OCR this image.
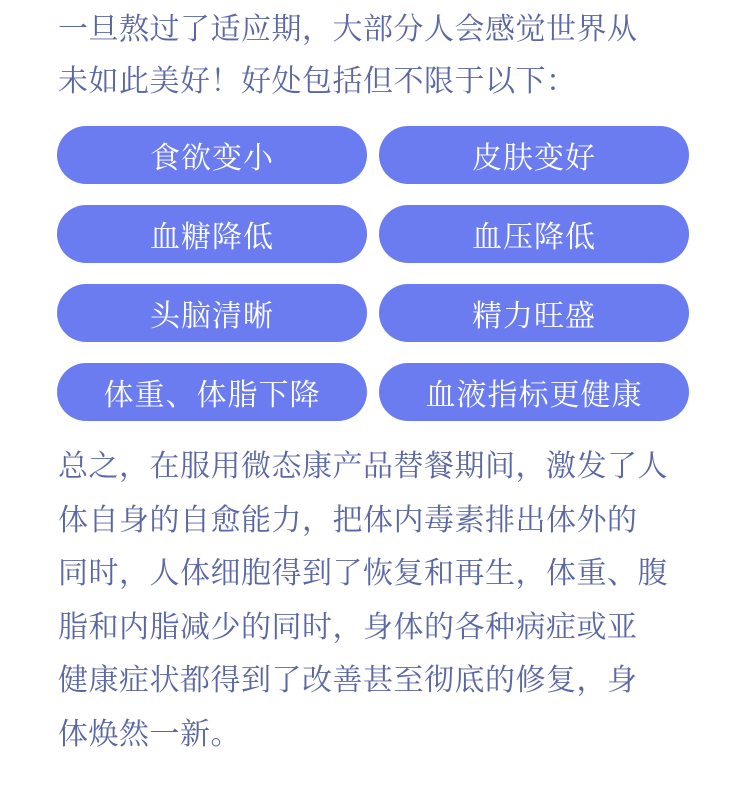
一旦熬过了适应期，大部分人会感觉世界从
未如此美好！好处包括但不限于以下：
食欲变小	皮肤变好
血糖降低	血压降低
头脑清晰	精力旺盛
体重、体脂下降	血液指标更健康
总之，在服用微态康产品替餐期间，激发了人
体自身的自愈能力，把体内毒素排出体外的
同时，人体细胞得到了恢复和再生，体重、腹
脂和内脂减少的同时，身体的各种病症或亚
健康症状都得到了改善甚至彻底的修复，身
体焕然一新。
